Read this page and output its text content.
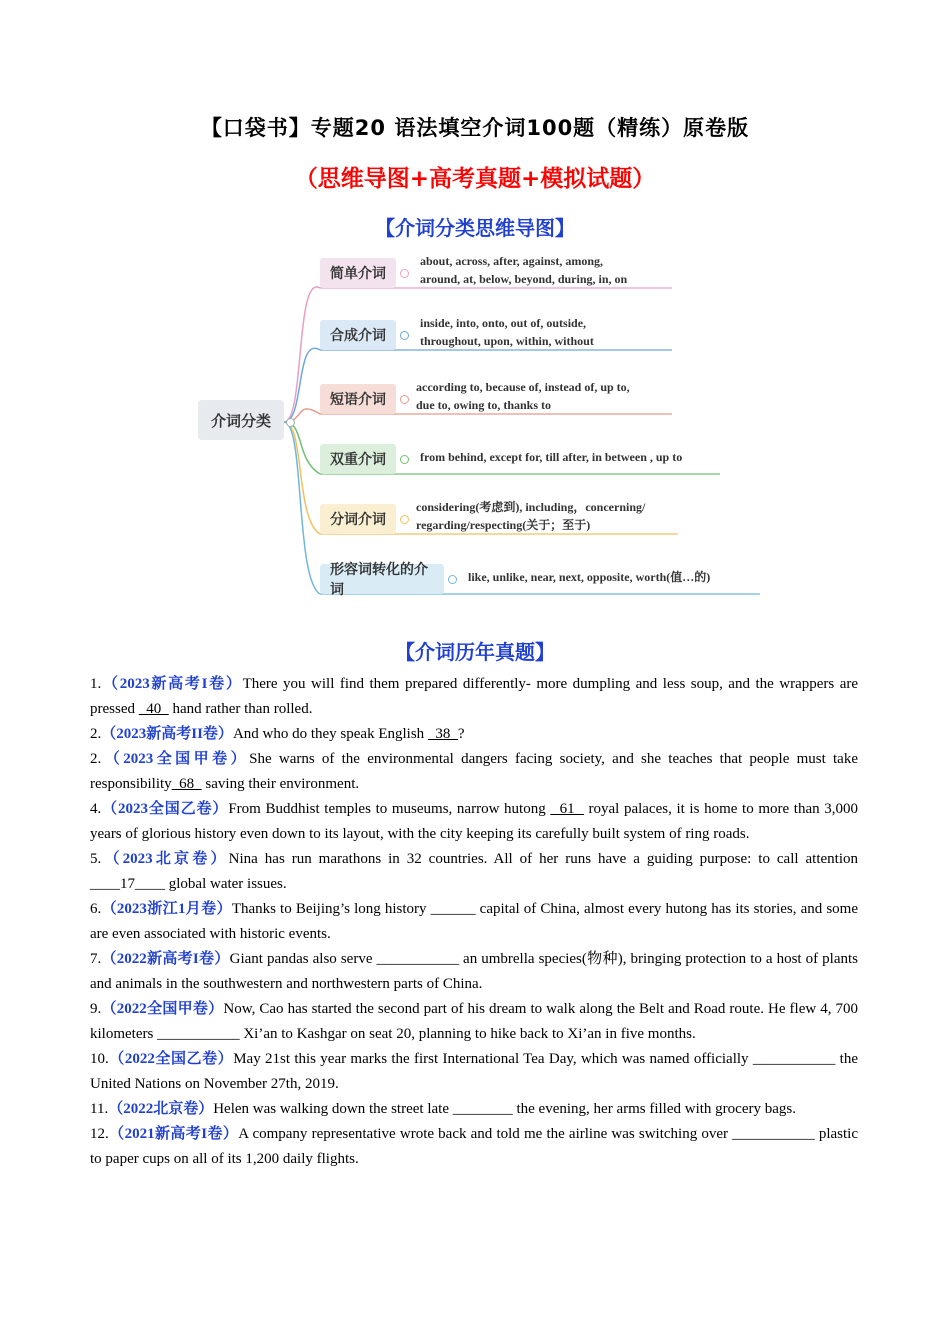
【口袋书】专题20 语法填空介词100题（精练）原卷版
（思维导图+高考真题+模拟试题）
【介词分类思维导图】
介词分类
简单介词
about, across, after, against, among,
around, at, below, beyond, during, in, on
合成介词
inside, into, onto, out of, outside,
throughout, upon, within, without
短语介词
according to, because of, instead of, up to,
due to, owing to, thanks to
双重介词	from behind, except for, till after, in between , up to
分词介词
considering(考虑到), including，concerning/
regarding/respecting(关于；至于)
形容词转化的介词
like, unlike, near, next, opposite, worth(值…的)
【介词历年真题】

1.（2023新高考I卷）There you will find them prepared differently- more dumpling and less soup, and the wrappers are pressed   40   hand rather than rolled.

2.（2023新高考II卷）And who do they speak English   38  ?

2.（2023全国甲卷）She warns of the environmental dangers facing society, and she teaches that people must take responsibility  68   saving their environment.

4.（2023全国乙卷）From Buddhist temples to museums, narrow hutong   61   royal palaces, it is home to more than 3,000 years of glorious history even down to its layout, with the city keeping its carefully built system of ring roads.

5.（2023北京卷）Nina has run marathons in 32 countries. All of her runs have a guiding purpose: to call attention ____17____ global water issues.

6.（2023浙江1月卷）Thanks to Beijing’s long history ______ capital of China, almost every hutong has its stories, and some are even associated with historic events.

7.（2022新高考I卷）Giant pandas also serve ___________ an umbrella species(物种), bringing protection to a host of plants and animals in the southwestern and northwestern parts of China.

9.（2022全国甲卷）Now, Cao has started the second part of his dream to walk along the Belt and Road route. He flew 4, 700 kilometers ___________ Xi’an to Kashgar on seat 20, planning to hike back to Xi’an in five months.

10.（2022全国乙卷）May 21st this year marks the first International Tea Day, which was named officially ___________ the United Nations on November 27th, 2019.

11.（2022北京卷）Helen was walking down the street late ________ the evening, her arms filled with grocery bags.

12.（2021新高考I卷）A company representative wrote back and told me the airline was switching over ___________ plastic to paper cups on all of its 1,200 daily flights.
